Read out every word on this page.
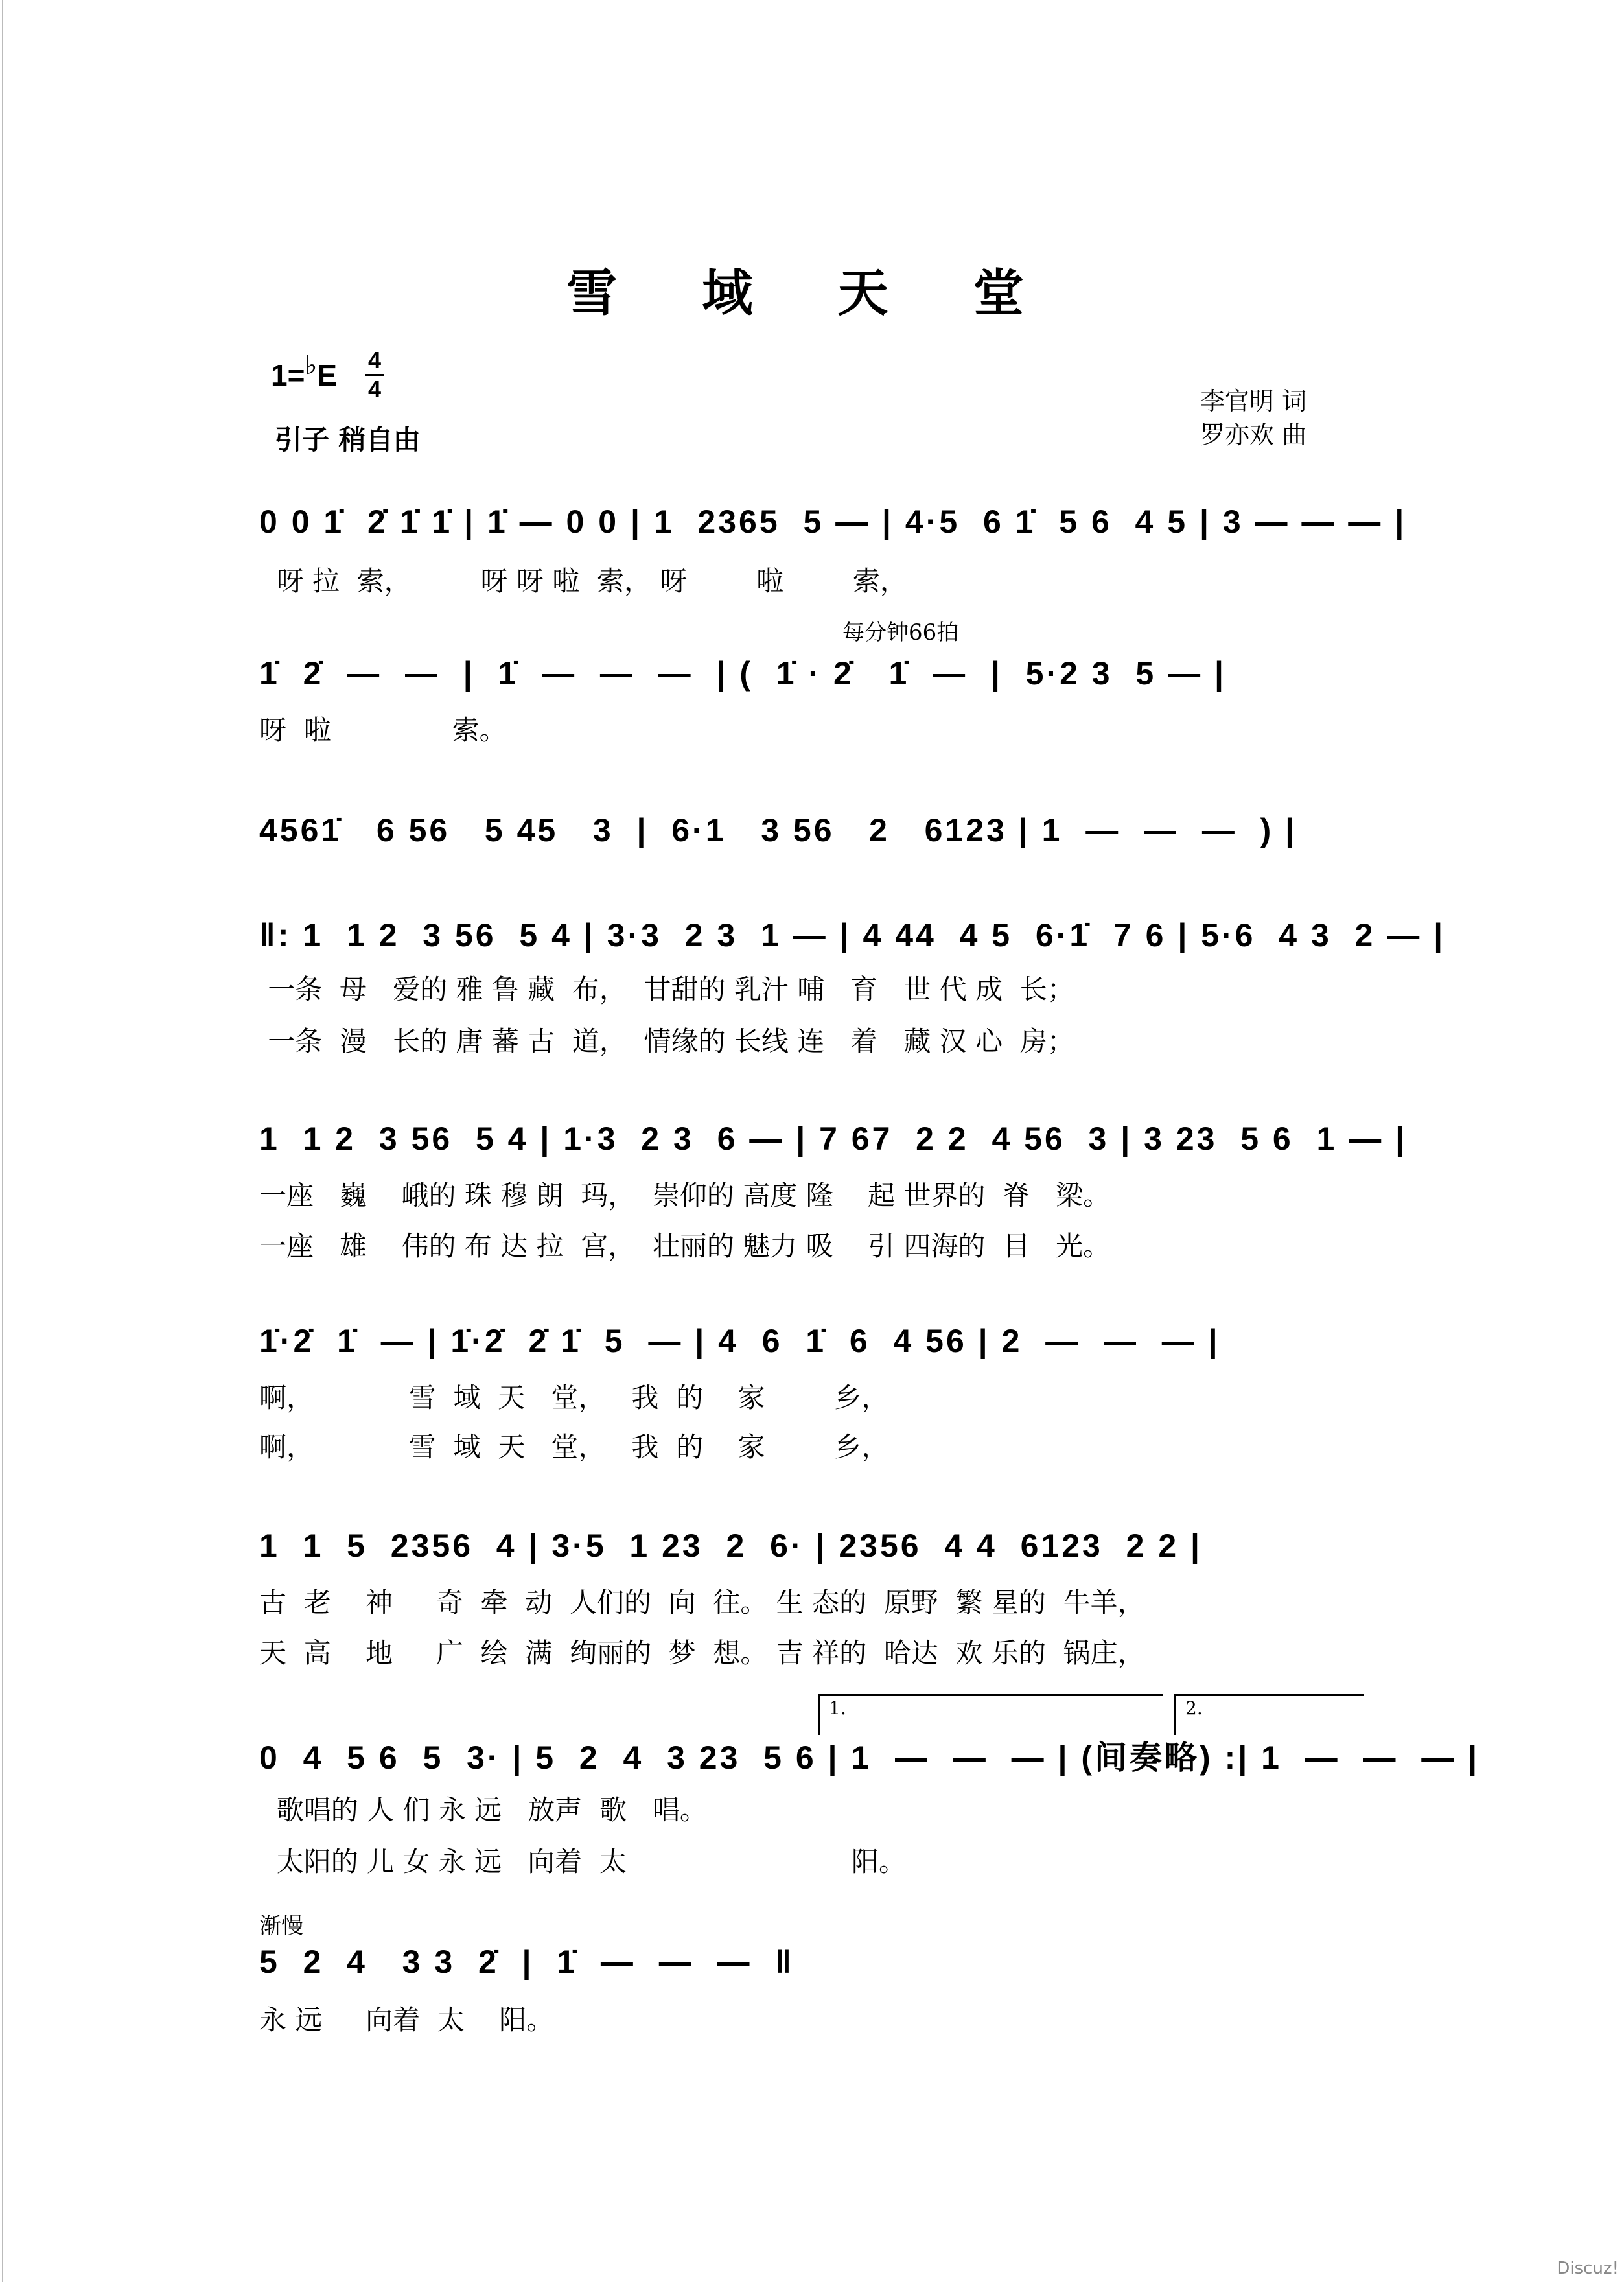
雪 域 天 堂
1=♭E 4
4
引子 稍自由
李官明 词
罗亦欢 曲
0 0 1̇  2̇ 1̇ 1̇ | 1̇ — 0 0 | 1  2365  5 — | 4·5  6 1̇  5 6  4 5 | 3 — — — |
呀 拉  索，        呀 呀 啦  索， 呀        啦        索，
每分钟66拍
1̇  2̇  —  —  |  1̇  —  —  —  | (  1̇ · 2̇   1̇  —  |  5·2 3  5 — |
呀  啦              索。
4561̇   6 56   5 45   3  |  6·1   3 56   2   6123 | 1  —  —  —  ) |
‖: 1  1 2  3 56  5 4 | 3·3  2 3  1 — | 4 44  4 5  6·1̇  7 6 | 5·6  4 3  2 — |
一条  母   爱的 雅 鲁 藏  布，  甘甜的 乳汁 哺   育   世 代 成  长；
一条  漫   长的 唐 蕃 古  道，  情缘的 长线 连   着   藏 汉 心  房；
1  1 2  3 56  5 4 | 1·3  2 3  6 — | 7 67  2 2  4 56  3 | 3 23  5 6  1 — |
一座   巍    峨的 珠 穆 朗  玛，  崇仰的 高度 隆    起 世界的  脊   梁。
一座   雄    伟的 布 达 拉  宫，  壮丽的 魅力 吸    引 四海的  目   光。
1̇·2̇  1̇  — | 1̇·2̇  2̇ 1̇  5  — | 4  6  1̇  6  4 56 | 2  —  —  — |
啊，           雪  域  天   堂，   我  的    家        乡，
啊，           雪  域  天   堂，   我  的    家        乡，
1  1  5  2356  4 | 3·5  1 23  2  6· | 2356  4 4  6123  2 2 |
古  老    神     奇  牵  动  人们的  向  往。 生 态的  原野  繁 星的  牛羊，
天  高    地     广  绘  满  绚丽的  梦  想。 吉 祥的  哈达  欢 乐的  锅庄，
1.	2.
0  4  5 6  5  3· | 5  2  4  3 23  5 6 | 1  —  —  — | (间奏略) :| 1  —  —  — |
歌唱的 人 们 永 远   放声  歌   唱。
太阳的 儿 女 永 远   向着  太                          阳。
渐慢
5  2  4   3 3  2̇  |  1̇  —  —  —  ‖
永 远     向着  太    阳。
Discuz!
